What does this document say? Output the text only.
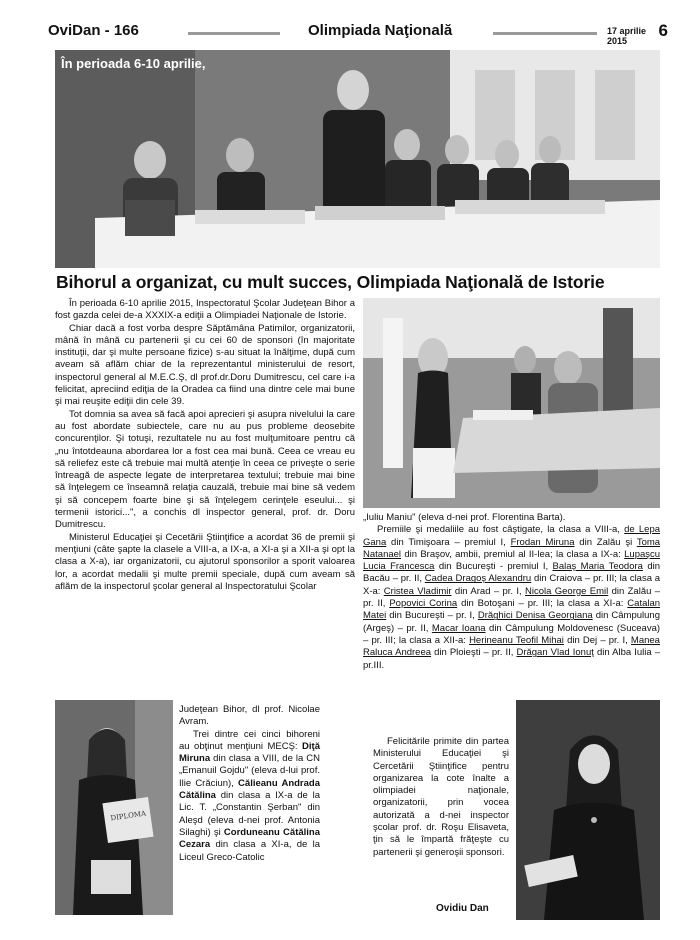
OviDan - 166	Olimpiada Naţională	17 aprilie 2015
6
În perioada 6-10 aprilie,
Bihorul a organizat, cu mult succes, Olimpiada Naţională de Istorie

În perioada 6-10 aprilie 2015, Inspectoratul Şcolar Judeţean Bihor a fost gazda celei de-a XXXIX-a ediţii a Olimpiadei Naţionale de Istorie.

Chiar dacă a fost vorba despre Săptămâna Patimilor, organizatorii, mână în mână cu partenerii şi cu cei 60 de sponsori (în majoritate instituţii, dar şi multe persoane fizice) s-au situat la înălţime, după cum aveam să aflăm chiar de la reprezentantul ministerului de resort, inspectorul general al M.E.C.Ş, dl prof.dr.Doru Dumitrescu, cel care i-a felicitat, apreciind ediţia de la Oradea ca fiind una dintre cele mai bune şi mai reuşite ediţii din cele 39.

Tot domnia sa avea să facă apoi aprecieri şi asupra nivelului la care au fost abordate subiectele, care nu au pus probleme deosebite concurenţilor. Şi totuşi, rezultatele nu au fost mulţumitoare pentru că „nu întotdeauna abordarea lor a fost cea mai bună. Ceea ce vreau eu să reliefez este că trebuie mai multă atenţie în ceea ce priveşte o serie întreagă de aspecte legate de interpretarea textului; trebuie mai bine să înţelegem ce înseamnă relaţia cauzală, trebuie mai bine să vedem şi să concepem foarte bine şi să înţelegem cerinţele eseului... şi termenii istorici...", a conchis dl inspector general, prof. dr. Doru Dumitrescu.

Ministerul Educaţiei şi Cecetării Ştiinţifice a acordat 36 de premii şi menţiuni (câte şapte la clasele a VIII-a, a IX-a, a XI-a şi a XII-a şi opt la clasa a X-a), iar organizatorii, cu ajutorul sponsorilor a sporit valoarea lor, a acordat medalii şi multe premii speciale, după cum aveam să aflăm de la inspectorul şcolar general al Inspectoratului Şcolar

„Iuliu Maniu" (eleva d-nei prof. Florentina Barta).

Premiile şi medaliile au fost câştigate, la clasa a VIII-a, de Lepa Gana din Timişoara – premiul I, Frodan Miruna din Zalău şi Toma Natanael din Braşov, ambii, premiul al II-lea; la clasa a IX-a: Lupaşcu Lucia Francesca din Bucureşti - premiul I, Balaş Maria Teodora din Bacău – pr. II, Cadea Dragoş Alexandru din Craiova – pr. III; la clasa a X-a: Cristea Vladimir din Arad – pr. I, Nicola George Emil din Zalău – pr. II, Popovici Corina din Botoşani – pr. III; la clasa a XI-a: Catalan Matei din Bucureşti – pr. I, Drăghici Denisa Georgiana din Câmpulung (Argeş) – pr. II, Macar Ioana din Câmpulung Moldovenesc (Suceava) – pr. III; la clasa a XII-a: Herineanu Teofil Mihai din Dej – pr. I, Manea Raluca Andreea din Ploieşti – pr. II, Drăgan Vlad Ionuţ din Alba Iulia – pr.III.

DIPLOMA

Judeţean Bihor, dl prof. Nicolae Avram.

Trei dintre cei cinci bihoreni au obţinut menţiuni MECŞ: Diţă Miruna din clasa a VIII, de la CN „Emanuil Gojdu" (eleva d-lui prof. Ilie Crăciun), Călieanu Andrada Cătălina din clasa a IX-a de la Lic. T. „Constantin Şerban" din Aleşd (eleva d-nei prof. Antonia Silaghi) şi Corduneanu Cătălina Cezara din clasa a XI-a, de la Liceul Greco-Catolic

Felicitările primite din partea Ministerului Educaţiei şi Cercetării Ştiinţifice pentru organizarea la cote înalte a olimpiadei naţionale, organizatorii, prin vocea autorizată a d-nei inspector şcolar prof. dr. Roşu Elisaveta, ţin să le împartă frăţeşte cu partenerii şi generoşii sponsori.

Ovidiu Dan
